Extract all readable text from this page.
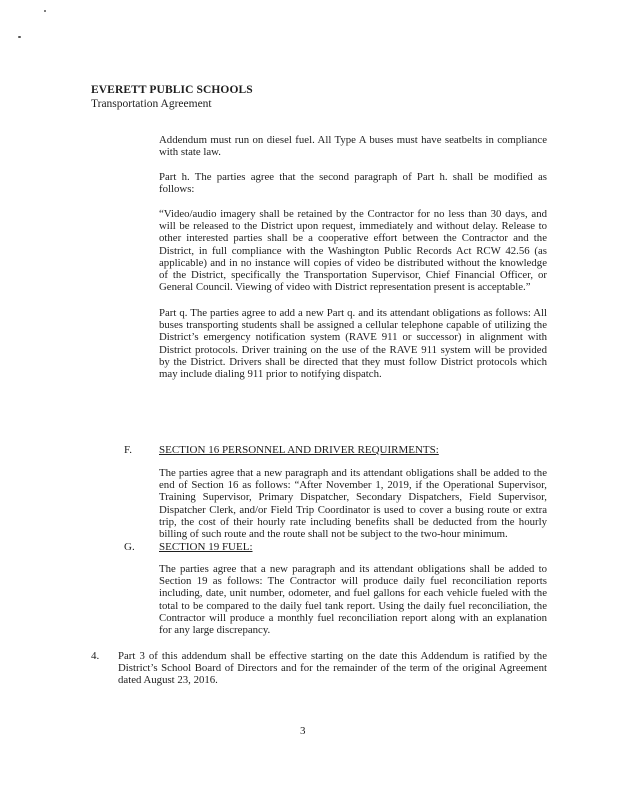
EVERETT PUBLIC SCHOOLS
Transportation Agreement
Addendum must run on diesel fuel. All Type A buses must have seatbelts in compliance with state law.
Part h. The parties agree that the second paragraph of Part h. shall be modified as follows:
“Video/audio imagery shall be retained by the Contractor for no less than 30 days, and will be released to the District upon request, immediately and without delay. Release to other interested parties shall be a cooperative effort between the Contractor and the District, in full compliance with the Washington Public Records Act RCW 42.56 (as applicable) and in no instance will copies of video be distributed without the knowledge of the District, specifically the Transportation Supervisor, Chief Financial Officer, or General Council. Viewing of video with District representation present is acceptable.”
Part q. The parties agree to add a new Part q. and its attendant obligations as follows: All buses transporting students shall be assigned a cellular telephone capable of utilizing the District’s emergency notification system (RAVE 911 or successor) in alignment with District protocols. Driver training on the use of the RAVE 911 system will be provided by the District. Drivers shall be directed that they must follow District protocols which may include dialing 911 prior to notifying dispatch.
F. SECTION 16 PERSONNEL AND DRIVER REQUIRMENTS:
The parties agree that a new paragraph and its attendant obligations shall be added to the end of Section 16 as follows: “After November 1, 2019, if the Operational Supervisor, Training Supervisor, Primary Dispatcher, Secondary Dispatchers, Field Supervisor, Dispatcher Clerk, and/or Field Trip Coordinator is used to cover a busing route or extra trip, the cost of their hourly rate including benefits shall be deducted from the hourly billing of such route and the route shall not be subject to the two-hour minimum.
G. SECTION 19 FUEL:
The parties agree that a new paragraph and its attendant obligations shall be added to Section 19 as follows: The Contractor will produce daily fuel reconciliation reports including, date, unit number, odometer, and fuel gallons for each vehicle fueled with the total to be compared to the daily fuel tank report. Using the daily fuel reconciliation, the Contractor will produce a monthly fuel reconciliation report along with an explanation for any large discrepancy.
4. Part 3 of this addendum shall be effective starting on the date this Addendum is ratified by the District’s School Board of Directors and for the remainder of the term of the original Agreement dated August 23, 2016.
3
